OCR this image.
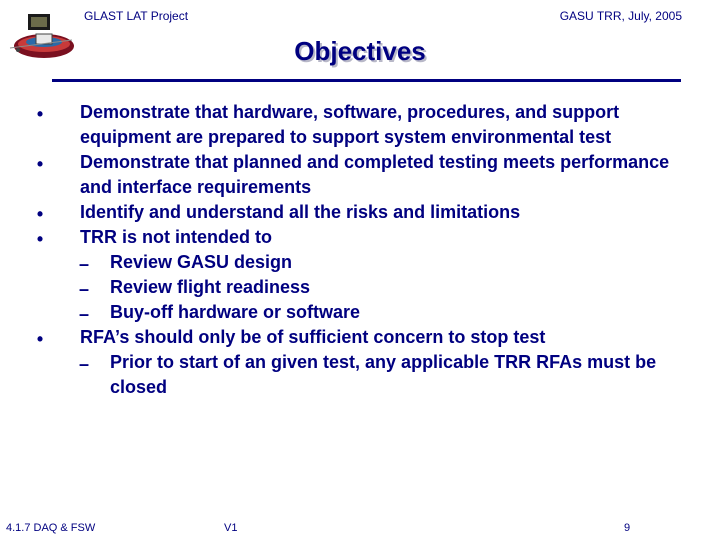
GLAST LAT Project	GASU TRR, July, 2005
Objectives
•	Demonstrate that hardware, software, procedures, and support equipment are prepared to support system environmental test
•	Demonstrate that planned and completed testing meets performance and interface requirements
•	Identify and understand all the risks and limitations
•	TRR is not intended to
– Review GASU design
– Review flight readiness
– Buy-off hardware or software
•	RFA’s should only be of sufficient concern to stop test
– Prior to start of an given test, any applicable TRR RFAs must be closed
4.1.7 DAQ & FSW	V1	9
